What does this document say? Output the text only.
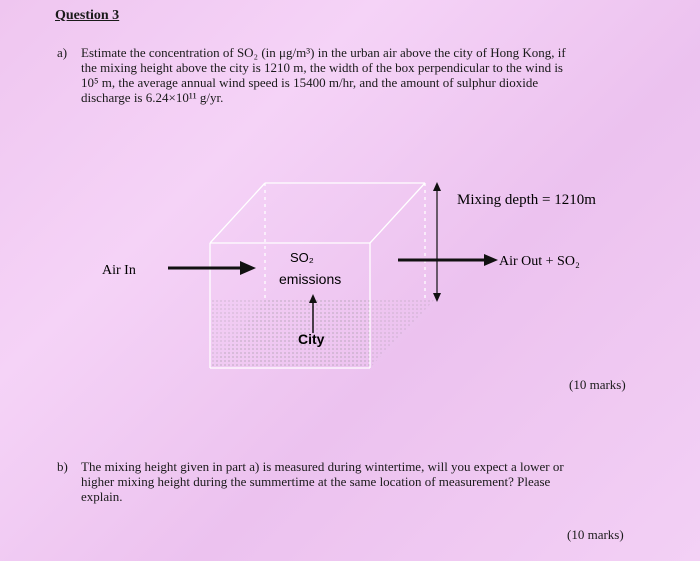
Question 3
a) Estimate the concentration of SO₂ (in μg/m³) in the urban air above the city of Hong Kong, if
the mixing height above the city is 1210 m, the width of the box perpendicular to the wind is
10⁵ m, the average annual wind speed is 15400 m/hr, and the amount of sulphur dioxide
discharge is 6.24×10¹¹ g/yr.
Air In
SO₂
emissions
City
Air Out + SO₂
Mixing depth = 1210m
(10 marks)
b) The mixing height given in part a) is measured during wintertime, will you expect a lower or
higher mixing height during the summertime at the same location of measurement? Please
explain.
(10 marks)
